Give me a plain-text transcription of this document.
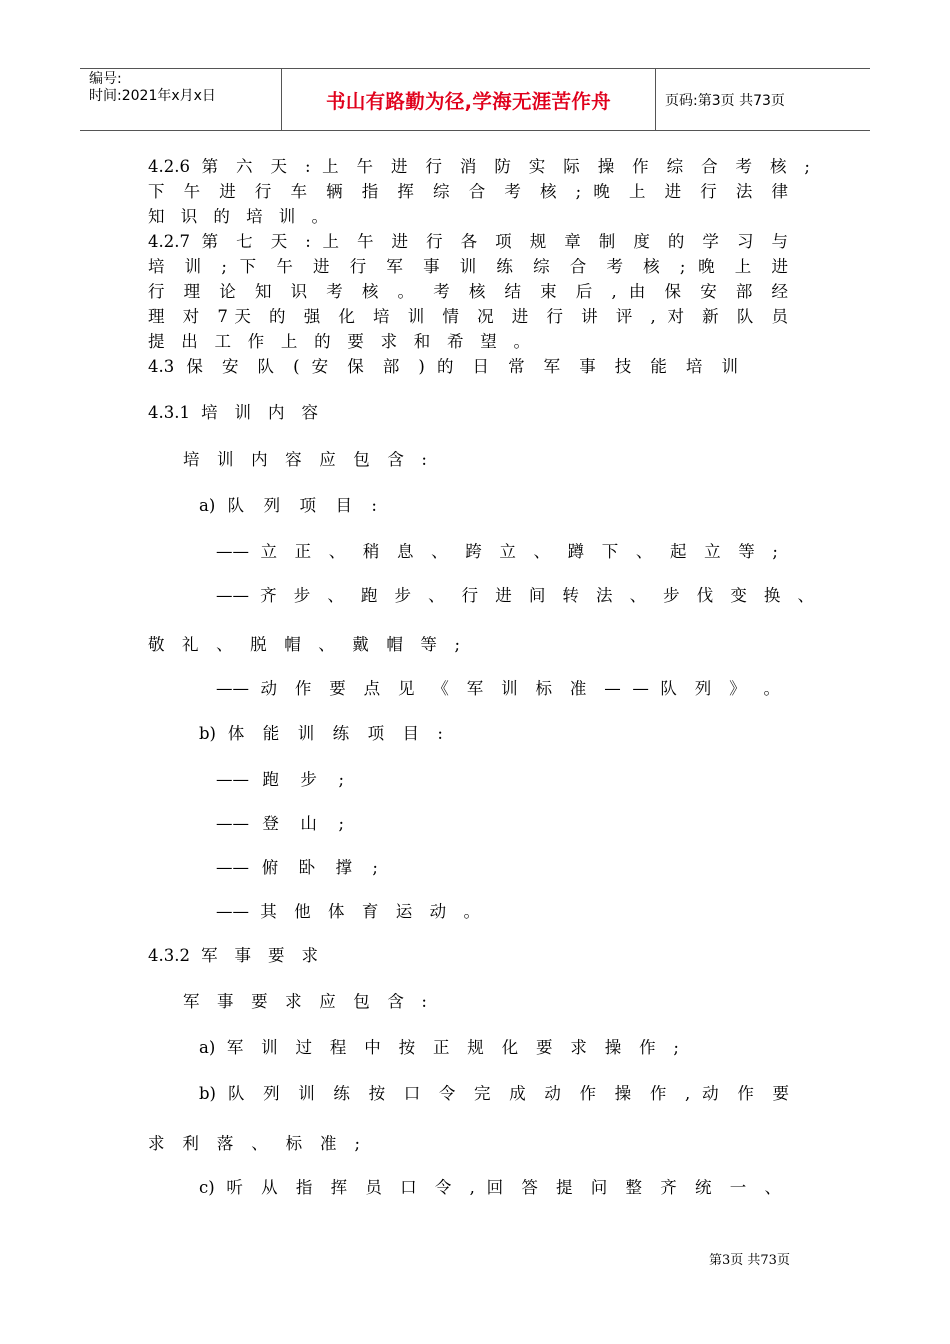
编号:
时间:2021年x月x日	书山有路勤为径,学海无涯苦作舟	页码:第3页 共73页
4.2.6 第 六 天 : 上 午 进 行 消 防 实 际 操 作 综 合 考 核 ;
下 午 进 行 车 辆 指 挥 综 合 考 核 ; 晚 上 进 行 法 律
知 识 的 培 训 。
4.2.7 第 七 天 : 上 午 进 行 各 项 规 章 制 度 的 学 习 与
培 训 ; 下 午 进 行 军 事 训 练 综 合 考 核 ; 晚 上 进
行 理 论 知 识 考 核 。 考 核 结 束 后 , 由 保 安 部 经
理 对 7天 的 强 化 培 训 情 况 进 行 讲 评 , 对 新 队 员
提 出 工 作 上 的 要 求 和 希 望 。
4.3 保 安 队 ( 安 保 部 ) 的 日 常 军 事 技 能 培 训
4.3.1 培 训 内 容
培 训 内 容 应 包 含 :
a) 队 列 项 目 :
—— 立 正 、 稍 息 、 跨 立 、 蹲 下 、 起 立 等 ;
—— 齐 步 、 跑 步 、 行 进 间 转 法 、 步 伐 变 换 、
敬 礼 、 脱 帽 、 戴 帽 等 ;
—— 动 作 要 点 见 《 军 训 标 准 — — 队 列 》 。
b) 体 能 训 练 项 目 :
—— 跑 步 ;
—— 登 山 ;
—— 俯 卧 撑 ;
—— 其 他 体 育 运 动 。
4.3.2 军 事 要 求
军 事 要 求 应 包 含 :
a) 军 训 过 程 中 按 正 规 化 要 求 操 作 ;
b) 队 列 训 练 按 口 令 完 成 动 作 操 作 , 动 作 要
求 利 落 、 标 准 ;
c) 听 从 指 挥 员 口 令 , 回 答 提 问 整 齐 统 一 、
第3页 共73页
